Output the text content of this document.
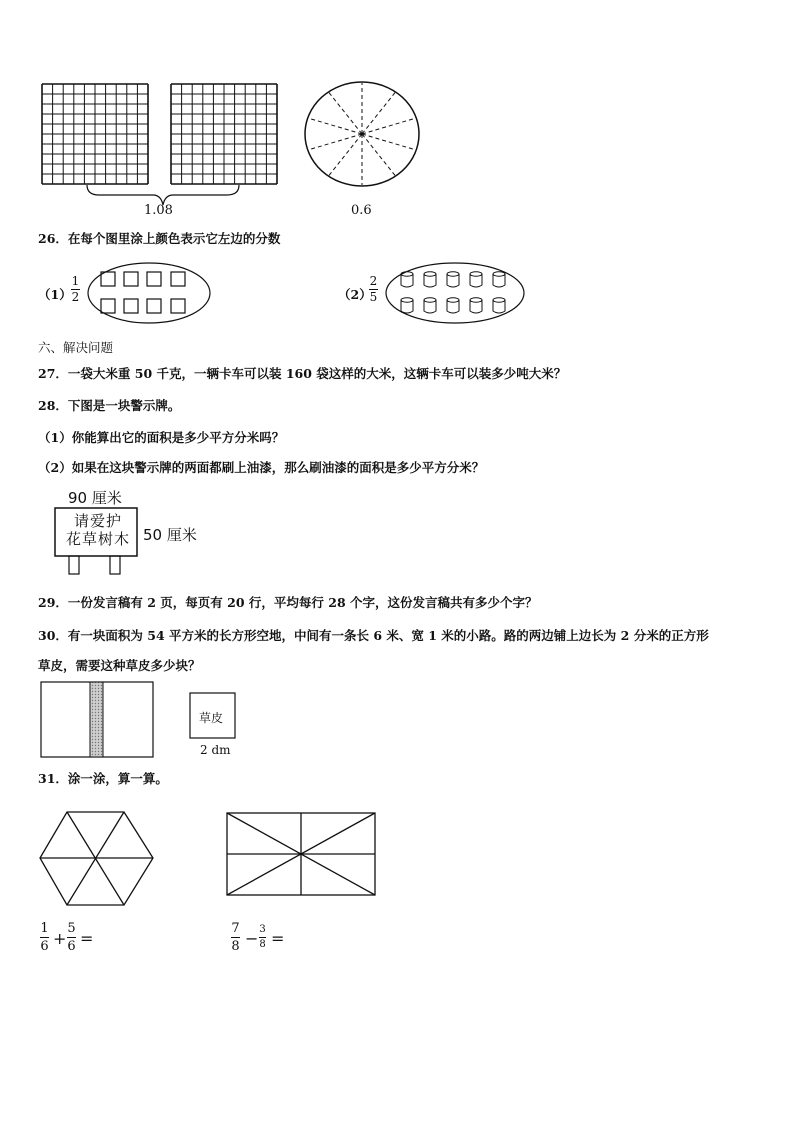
1.08	0.6
26．在每个图里涂上颜色表示它左边的分数
（1）
1
2	（2）
2
5
六、解决问题
27．一袋大米重 50 千克，一辆卡车可以装 160 袋这样的大米，这辆卡车可以装多少吨大米？
28．下图是一块警示牌。
（1）你能算出它的面积是多少平方分米吗？
（2）如果在这块警示牌的两面都刷上油漆，那么刷油漆的面积是多少平方分米？
90 厘米
请爱护
花草树木 50 厘米
29．一份发言稿有 2 页，每页有 20 行，平均每行 28 个字，这份发言稿共有多少个字？
30．有一块面积为 54 平方米的长方形空地，中间有一条长 6 米、宽 1 米的小路。路的两边铺上边长为 2 分米的正方形
草皮，需要这种草皮多少块？
草皮
2 dm
31．涂一涂，算一算。
1
6 +
5
6 =
7
8 − 3
8 =
